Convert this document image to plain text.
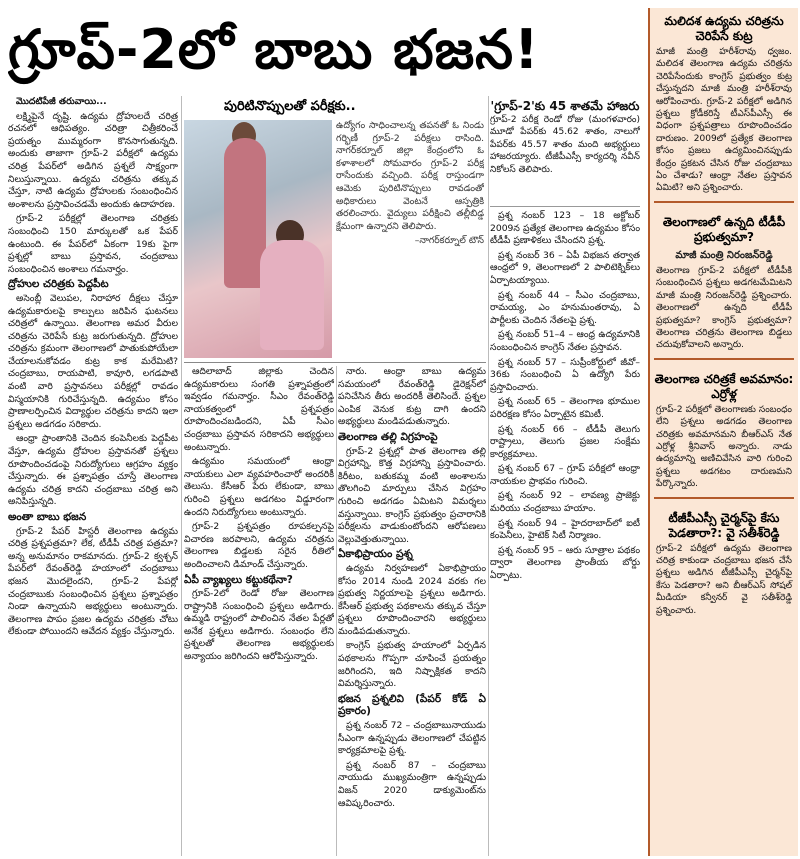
గ్రూప్-2లో బాబు భజన!

మొదటిపేజీ తరువాయి...

లక్ష్మిపైనే దృష్టి. ఉద్యమ ద్రోహులదే చరిత్ర రచనలో ఆధిపత్యం. చరిత్రా చిత్రీకరించే ప్రయత్నం ముమ్మరంగా కొనసాగుతున్నది. అందుకు తాజాగా గ్రూప్-2 పరీక్షలో ఉద్యమ చరిత్ర పేపర్‌లో అడిగిన ప్రశ్నలే సాక్ష్యంగా నిలుస్తున్నాయి. ఉద్యమ చరిత్రను తక్కువ చేస్తూ, నాటి ఉద్యమ ద్రోహులకు సంబంధించిన అంశాలను ప్రస్తావించడమే అందుకు ఉదాహరణ.

గ్రూప్-2 పరీక్షల్లో తెలంగాణ చరిత్రకు సంబంధించి 150 మార్కులతో ఒక పేపర్ ఉంటుంది. ఈ పేపర్‌లో ఏకంగా 19కు పైగా ప్రశ్నల్లో బాబు ప్రస్తావన, చంద్రబాబు సంబంధించిన అంశాలు గమనార్హం.

ద్రోహుల చరిత్రకు పెద్దపీట

అసెంబ్లీ వెలుపల, నిరాహార దీక్షలు చేస్తూ ఉద్యమకారులపై కాల్పులు జరిపిన ఘటనలు చరిత్రలో ఉన్నాయి. తెలంగాణ అమర వీరుల చరిత్రను చెరిపేసే కుట్ర జరుగుతున్నది. ద్రోహుల చరిత్రను క్రమంగా తెలంగాణలో పాతుకుపోయేలా చేయాలనుకోవడం కుట్ర కాక మరేమిటి? చంద్రబాబు, రాయపాటి, కావూరి, లగడపాటి వంటి వారి ప్రస్తావనలు పరీక్షల్లో రావడం విస్మయానికి గురిచేస్తున్నది. ఉద్యమం కోసం ప్రాణాలర్పించిన విద్యార్థుల చరిత్రను కాదని ఇలా ప్రశ్నలు అడగడం సరికాదు.

ఆంధ్రా ప్రాంతానికి చెందిన కంపెనీలకు పెద్దపీట వేస్తూ, ఉద్యమ ద్రోహుల ప్రస్తావనతో ప్రశ్నలు రూపొందించడంపై నిరుద్యోగులు ఆగ్రహం వ్యక్తం చేస్తున్నారు. ఈ ప్రశ్నాపత్రం చూస్తే తెలంగాణ ఉద్యమ చరిత్ర కాదని చంద్రబాబు చరిత్ర అని అనిపిస్తున్నది.

అంతా బాబు భజన

గ్రూప్-2 పేపర్ హిస్టరీ తెలంగాణ ఉద్యమ చరిత్ర ప్రశ్నపత్రమా? లేక, టీడీపీ చరిత్ర పత్రమా? అన్న అనుమానం రాకమానదు. గ్రూప్-2 క్వశ్చన్ పేపర్‌లో రేవంత్‌రెడ్డి హయాంలో చంద్రబాబు భజన మొదలైందని, గ్రూప్-2 పేపర్లో చంద్రబాబుకు సంబంధించిన ప్రశ్నలు ప్రశ్నాపత్రం నిండా ఉన్నాయని అభ్యర్థులు అంటున్నారు. తెలంగాణ పాపం ప్రజల ఉద్యమ చరిత్రకు చోటు లేకుండా పోయిందని ఆవేదన వ్యక్తం చేస్తున్నారు.

పురిటినొప్పులతో పరీక్షకు..
ఉద్యోగం సాధించాలన్న తపనతో ఓ నిండు గర్భిణీ గ్రూప్-2 పరీక్షలు రాసింది. నాగర్‌కర్నూల్ జిల్లా కేంద్రంలోని ఓ కళాశాలలో సోమవారం గ్రూప్-2 పరీక్ష రాసేందుకు వచ్చింది. పరీక్ష రాస్తుండగా ఆమెకు పురిటినొప్పులు రావడంతో అధికారులు వెంటనే ఆస్పత్రికి తరలించారు. వైద్యులు పరీక్షించి తల్లీబిడ్డ క్షేమంగా ఉన్నారని తెలిపారు.
–నాగర్‌కర్నూల్ టౌన్

ఆదిలాబాద్ జిల్లాకు చెందిన ఉద్యమకారులు సంగతి ప్రశ్నాపత్రంలో ఇవ్వడం గమనార్హం. సీఎం రేవంత్‌రెడ్డి నాయకత్వంలో ప్రశ్నపత్రం రూపొందించబడిందని, ఏపీ సీఎం చంద్రబాబు ప్రస్తావన సరికాదని అభ్యర్థులు అంటున్నారు.

ఉద్యమం సమయంలో ఆంధ్రా నాయకులు ఎలా వ్యవహరించారో అందరికీ తెలుసు. కేసీఆర్ పేరు లేకుండా, బాబు గురించి ప్రశ్నలు అడగటం విడ్డూరంగా ఉందని నిరుద్యోగులు అంటున్నారు.

గ్రూప్-2 ప్రశ్నపత్రం రూపకల్పనపై విచారణ జరపాలని, ఉద్యమ చరిత్రను తెలంగాణ బిడ్డలకు సరైన రీతిలో అందించాలని డిమాండ్ చేస్తున్నారు.

ఏపీ వ్యాఖ్యలు కట్టుకథేనా?

గ్రూప్-2లో రెండో రోజు తెలంగాణ రాష్ట్రానికి సంబంధించి ప్రశ్నలు అడిగారు. ఉమ్మడి రాష్ట్రంలో పాలించిన నేతల పేర్లతో అనేక ప్రశ్నలు అడిగారు. సంబంధం లేని ప్రశ్నలతో తెలంగాణ అభ్యర్థులకు అన్యాయం జరిగిందని ఆరోపిస్తున్నారు.

నారు. ఆంధ్రా బాబు ఉద్యమ సమయంలో రేవంత్‌రెడ్డి డైరెక్షన్‌లో పనిచేసిన తీరు అందరికీ తెలిసిందే. ప్రశ్నల ఎంపిక వెనుక కుట్ర దాగి ఉందని అభ్యర్థులు మండిపడుతున్నారు.

తెలంగాణ తల్లి విగ్రహంపై

గ్రూప్-2 ప్రశ్నల్లో పాత తెలంగాణ తల్లి విగ్రహాన్ని, కొత్త విగ్రహాన్ని ప్రస్తావించారు. కిరీటం, బతుకమ్మ వంటి అంశాలను తొలగించి మార్పులు చేసిన విగ్రహం గురించి అడగడం ఏమిటని విమర్శలు వస్తున్నాయి. కాంగ్రెస్ ప్రభుత్వం ప్రచారానికి పరీక్షలను వాడుకుంటోందని ఆరోపణలు వెల్లువెత్తుతున్నాయి.

ఏకాభిప్రాయం ప్రశ్న

ఉద్యమ నిర్వహణలో ఏకాభిప్రాయం కోసం 2014 నుండి 2024 వరకు గల ప్రభుత్వ నిర్ణయాలపై ప్రశ్నలు అడిగారు. కేసీఆర్ ప్రభుత్వ పథకాలను తక్కువ చేస్తూ ప్రశ్నలు రూపొందించారని అభ్యర్థులు మండిపడుతున్నారు.

కాంగ్రెస్ ప్రభుత్వ హయాంలో ఏర్పడిన పథకాలను గొప్పగా చూపించే ప్రయత్నం జరిగిందని, ఇది నిష్పాక్షికత కాదని విమర్శిస్తున్నారు.

భజన ప్రశ్నలివి (పేపర్ కోడ్ ఏ ప్రకారం)

ప్రశ్న నంబర్ 72 – చంద్రబాబునాయుడు సీఎంగా ఉన్నప్పుడు తెలంగాణలో చేపట్టిన కార్యక్రమాలపై ప్రశ్న.

ప్రశ్న నంబర్ 87 – చంద్రబాబు నాయుడు ముఖ్యమంత్రిగా ఉన్నప్పుడు విజన్ 2020 డాక్యుమెంట్‌ను ఆవిష్కరించారు.

'గ్రూప్-2'కు 45 శాతమే హాజరు
గ్రూప్-2 పరీక్ష రెండో రోజు (మంగళవారం) మూడో పేపర్‌కు 45.62 శాతం, నాలుగో పేపర్‌కు 45.57 శాతం మంది అభ్యర్థులు హాజరయ్యారు. టీజీపీఎస్సీ కార్యదర్శి నవీన్ నికోలస్ తెలిపారు.

ప్రశ్న నంబర్ 123 – 18 అక్టోబర్ 2009న ప్రత్యేక తెలంగాణ ఉద్యమం కోసం టీడీపీ ప్రణాళికలు చేసిందని ప్రశ్న.

ప్రశ్న నంబర్ 36 – ఏపీ విభజన తర్వాత ఆంధ్రలో 9, తెలంగాణలో 2 పాలిటెక్నిక్‌లు ఏర్పాటయ్యాయి.

ప్రశ్న నంబర్ 44 – సీఎం చంద్రబాబు, రామయ్య, ఎం హనుమంతరావు, ఏ పార్టీలకు చెందిన నేతలపై ప్రశ్న.

ప్రశ్న నంబర్ 51–4 – ఆంధ్ర ఉద్యమానికి సంబంధించిన కాంగ్రెస్ నేతల ప్రస్తావన.

ప్రశ్న నంబర్ 57 – సుప్రీంకోర్టులో జీవో–36కు సంబంధించి ఏ ఉద్యోగి పేరు ప్రస్తావించారు.

ప్రశ్న నంబర్ 65 – తెలంగాణ భూముల పరిరక్షణ కోసం ఏర్పాటైన కమిటీ.

ప్రశ్న నంబర్ 66 – టీడీపీ తెలుగు రాష్ట్రాలు, తెలుగు ప్రజల సంక్షేమ కార్యక్రమాలు.

ప్రశ్న నంబర్ 67 – గ్రూప్ పరీక్షలో ఆంధ్రా నాయకుల ప్రాభవం గురించి.

ప్రశ్న నంబర్ 92 – లావణ్య ప్రాజెక్టు మరియు చంద్రబాబు హయాం.

ప్రశ్న నంబర్ 94 – హైదరాబాద్‌లో ఐటీ కంపెనీలు, హైటెక్ సిటీ నిర్మాణం.

ప్రశ్న నంబర్ 95 – ఆరు సూత్రాల పథకం ద్వారా తెలంగాణ ప్రాంతీయ బోర్డు ఏర్పాటు.

మలిదశ ఉద్యమ చరిత్రను చెరిపేసే కుట్ర
మాజీ మంత్రి హరీశ్‌రావు ధ్వజం. మలిదశ తెలంగాణ ఉద్యమ చరిత్రను చెరిపేసేందుకు కాంగ్రెస్ ప్రభుత్వం కుట్ర చేస్తున్నదని మాజీ మంత్రి హరీశ్‌రావు ఆరోపించారు. గ్రూప్-2 పరీక్షలో అడిగిన ప్రశ్నలు క్రోడీకరిస్తే టీఎస్‌పీఎస్సీ ఈ విధంగా ప్రశ్నపత్రాలు రూపొందించడం దారుణం. 2009లో ప్రత్యేక తెలంగాణ కోసం ప్రజలు ఉద్యమించినప్పుడు కేంద్రం ప్రకటన చేసిన రోజు చంద్రబాబు ఏం చేశాడు? ఆంధ్రా నేతల ప్రస్తావన ఏమిటి? అని ప్రశ్నించారు.
తెలంగాణలో ఉన్నది టీడీపీ ప్రభుత్వమా?
మాజీ మంత్రి నిరంజన్‌రెడ్డి
తెలంగాణ గ్రూప్-2 పరీక్షలో టీడీపీకి సంబంధించిన ప్రశ్నలు అడగటమేమిటని మాజీ మంత్రి నిరంజన్‌రెడ్డి ప్రశ్నించారు. తెలంగాణలో ఉన్నది టీడీపీ ప్రభుత్వమా? కాంగ్రెస్ ప్రభుత్వమా? తెలంగాణ చరిత్రను తెలంగాణ బిడ్డలు చదువుకోవాలని అన్నారు.
తెలంగాణ చరిత్రకే అవమానం: ఎర్రోళ్ల
గ్రూప్-2 పరీక్షలో తెలంగాణకు సంబంధం లేని ప్రశ్నలు అడగడం తెలంగాణ చరిత్రకు అవమానమని బీఆర్‌ఎస్ నేత ఎర్రోళ్ల శ్రీనివాస్ అన్నారు. నాడు ఉద్యమాన్ని అణిచివేసిన వారి గురించి ప్రశ్నలు అడగటం దారుణమని పేర్కొన్నారు.
టీజీపీఎస్సీ చైర్మన్‌పై కేసు పెడతారా?: వై సతీశ్‌రెడ్డి
గ్రూప్-2 పరీక్షలో ఉద్యమ తెలంగాణ చరిత్ర కాకుండా చంద్రబాబు భజన చేసే ప్రశ్నలు అడిగిన టీజీపీఎస్సీ చైర్మన్‌పై కేసు పెడతారా? అని బీఆర్‌ఎస్ సోషల్ మీడియా కన్వీనర్ వై సతీశ్‌రెడ్డి ప్రశ్నించారు.
